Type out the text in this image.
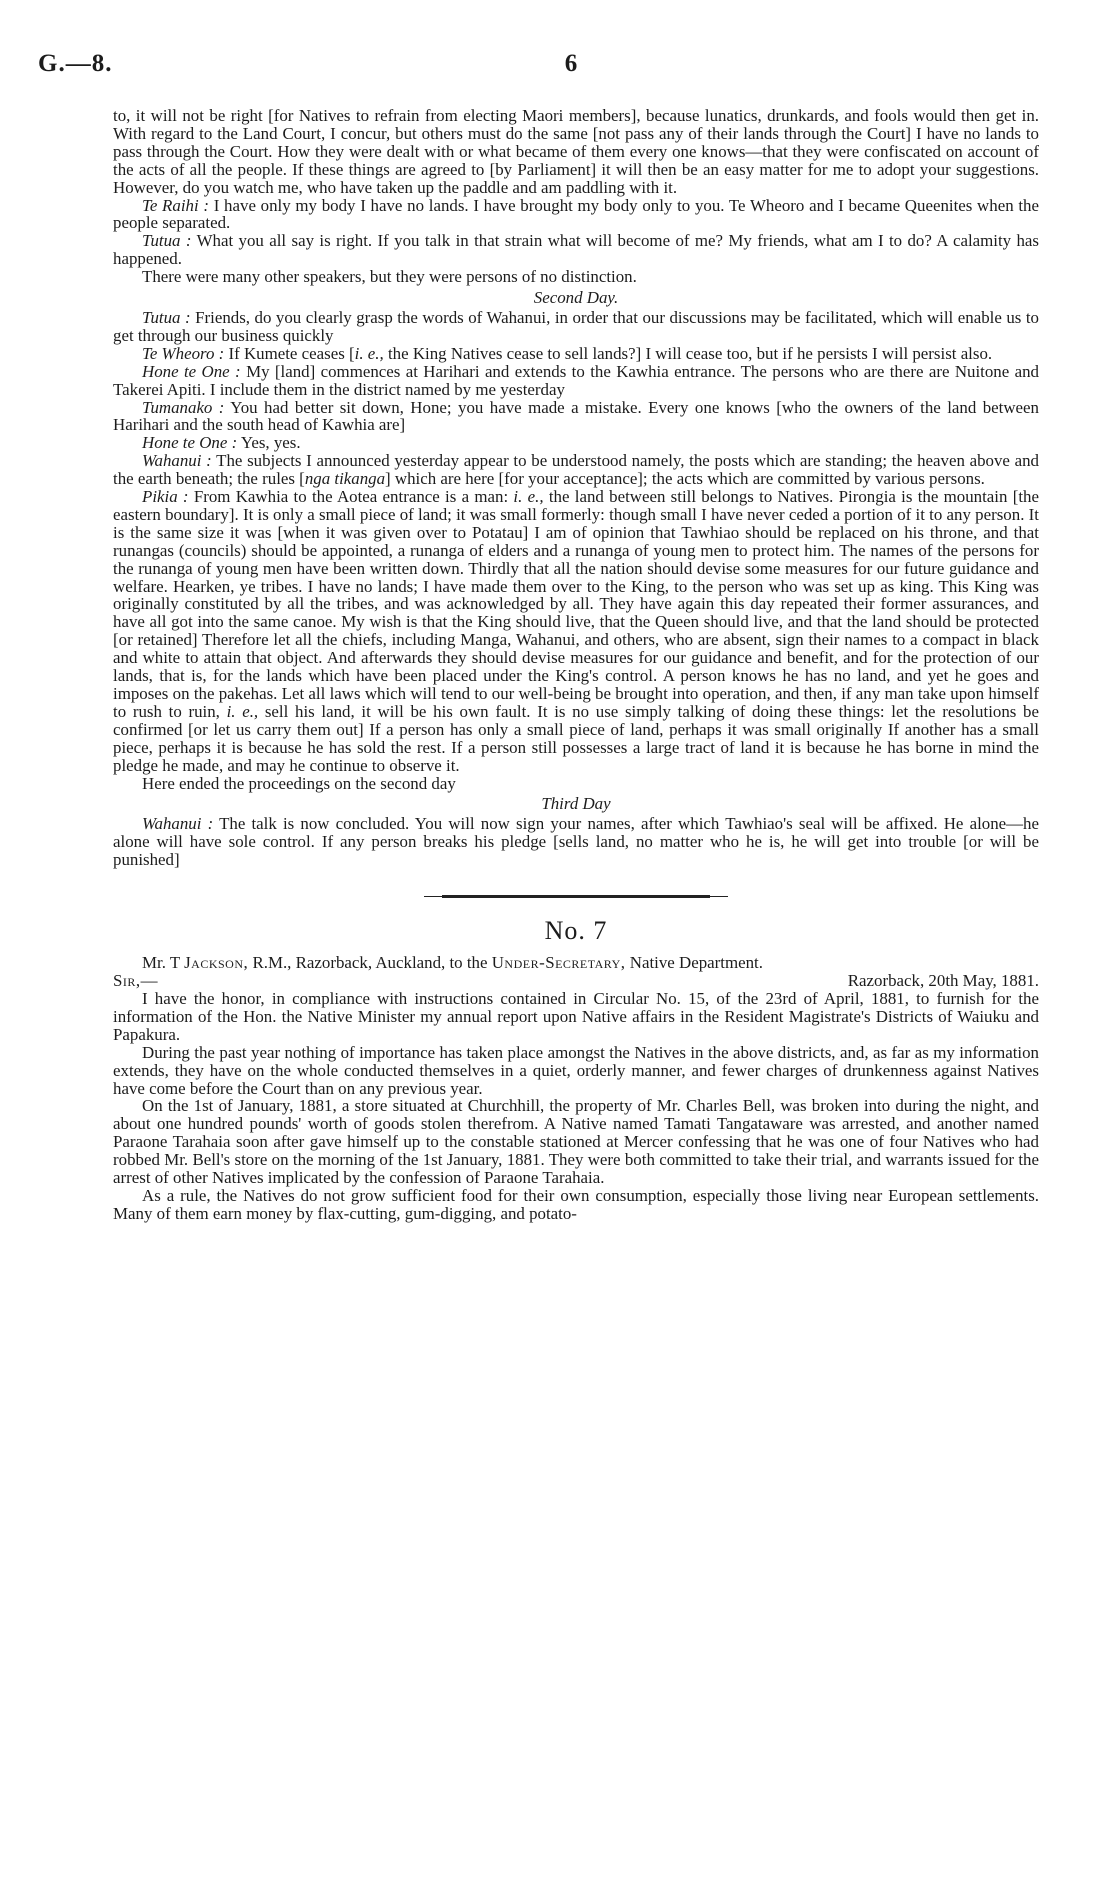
G.—8.	6

to, it will not be right [for Natives to refrain from electing Maori members], because lunatics, drunkards, and fools would then get in. With regard to the Land Court, I concur, but others must do the same [not pass any of their lands through the Court] I have no lands to pass through the Court. How they were dealt with or what became of them every one knows—that they were confiscated on account of the acts of all the people. If these things are agreed to [by Parliament] it will then be an easy matter for me to adopt your suggestions. However, do you watch me, who have taken up the paddle and am paddling with it.

Te Raihi : I have only my body I have no lands. I have brought my body only to you. Te Wheoro and I became Queenites when the people separated.

Tutua : What you all say is right. If you talk in that strain what will become of me? My friends, what am I to do? A calamity has happened.

There were many other speakers, but they were persons of no distinction.

Second Day.

Tutua : Friends, do you clearly grasp the words of Wahanui, in order that our discussions may be facilitated, which will enable us to get through our business quickly

Te Wheoro : If Kumete ceases [i. e., the King Natives cease to sell lands?] I will cease too, but if he persists I will persist also.

Hone te One : My [land] commences at Harihari and extends to the Kawhia entrance. The persons who are there are Nuitone and Takerei Apiti. I include them in the district named by me yesterday

Tumanako : You had better sit down, Hone; you have made a mistake. Every one knows [who the owners of the land between Harihari and the south head of Kawhia are]

Hone te One : Yes, yes.

Wahanui : The subjects I announced yesterday appear to be understood namely, the posts which are standing; the heaven above and the earth beneath; the rules [nga tikanga] which are here [for your acceptance]; the acts which are committed by various persons.

Pikia : From Kawhia to the Aotea entrance is a man: i. e., the land between still belongs to Natives. Pirongia is the mountain [the eastern boundary]. It is only a small piece of land; it was small formerly: though small I have never ceded a portion of it to any person. It is the same size it was [when it was given over to Potatau] I am of opinion that Tawhiao should be replaced on his throne, and that runangas (councils) should be appointed, a runanga of elders and a runanga of young men to protect him. The names of the persons for the runanga of young men have been written down. Thirdly that all the nation should devise some measures for our future guidance and welfare. Hearken, ye tribes. I have no lands; I have made them over to the King, to the person who was set up as king. This King was originally constituted by all the tribes, and was acknowledged by all. They have again this day repeated their former assurances, and have all got into the same canoe. My wish is that the King should live, that the Queen should live, and that the land should be protected [or retained] Therefore let all the chiefs, including Manga, Wahanui, and others, who are absent, sign their names to a compact in black and white to attain that object. And afterwards they should devise measures for our guidance and benefit, and for the protection of our lands, that is, for the lands which have been placed under the King's control. A person knows he has no land, and yet he goes and imposes on the pakehas. Let all laws which will tend to our well-being be brought into operation, and then, if any man take upon himself to rush to ruin, i. e., sell his land, it will be his own fault. It is no use simply talking of doing these things: let the resolutions be confirmed [or let us carry them out] If a person has only a small piece of land, perhaps it was small originally If another has a small piece, perhaps it is because he has sold the rest. If a person still possesses a large tract of land it is because he has borne in mind the pledge he made, and may he continue to observe it.

Here ended the proceedings on the second day

Third Day

Wahanui : The talk is now concluded. You will now sign your names, after which Tawhiao's seal will be affixed. He alone—he alone will have sole control. If any person breaks his pledge [sells land, no matter who he is, he will get into trouble [or will be punished]

No. 7

Mr. T Jackson, R.M., Razorback, Auckland, to the Under-Secretary, Native Department.

Sir,—	Razorback, 20th May, 1881.

I have the honor, in compliance with instructions contained in Circular No. 15, of the 23rd of April, 1881, to furnish for the information of the Hon. the Native Minister my annual report upon Native affairs in the Resident Magistrate's Districts of Waiuku and Papakura.

During the past year nothing of importance has taken place amongst the Natives in the above districts, and, as far as my information extends, they have on the whole conducted themselves in a quiet, orderly manner, and fewer charges of drunkenness against Natives have come before the Court than on any previous year.

On the 1st of January, 1881, a store situated at Churchhill, the property of Mr. Charles Bell, was broken into during the night, and about one hundred pounds' worth of goods stolen therefrom. A Native named Tamati Tangataware was arrested, and another named Paraone Tarahaia soon after gave himself up to the constable stationed at Mercer confessing that he was one of four Natives who had robbed Mr. Bell's store on the morning of the 1st January, 1881. They were both committed to take their trial, and warrants issued for the arrest of other Natives implicated by the confession of Paraone Tarahaia.

As a rule, the Natives do not grow sufficient food for their own consumption, especially those living near European settlements. Many of them earn money by flax-cutting, gum-digging, and potato-
